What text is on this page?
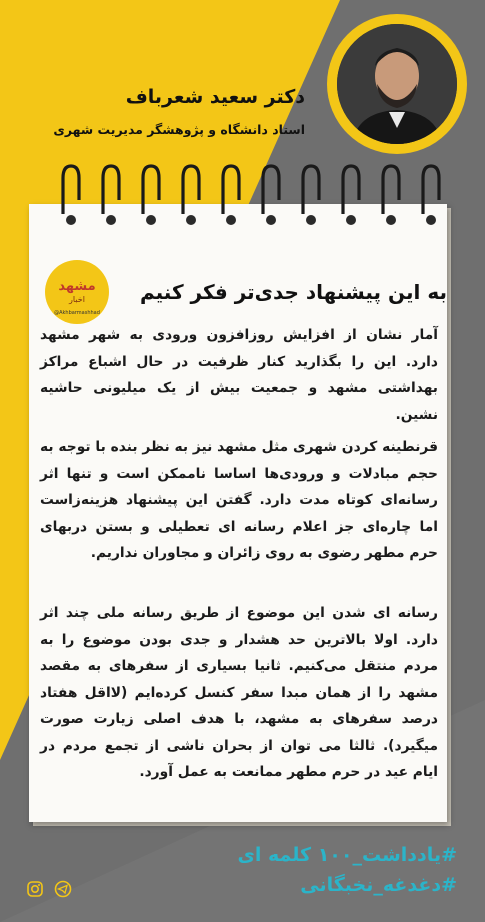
دکتر سعید شعرباف
استاد دانشگاه و پژوهشگر مدیریت شهری
مشهد
اخبار
@Akhbarmashhad
به این پیشنهاد جدی‌تر فکر کنیم
آمار نشان از افزایش روزافزون ورودی به شهر مشهد دارد. این را بگذارید کنار ظرفیت در حال اشباع مراکز بهداشتی مشهد و جمعیت بیش از یک میلیونی حاشیه نشین.
قرنطینه کردن شهری مثل مشهد نیز به نظر بنده با توجه به حجم مبادلات و ورودی‌ها اساسا ناممکن است و تنها اثر رسانه‌ای کوتاه مدت دارد. گفتن این پیشنهاد هزینه‌زاست اما چاره‌ای جز اعلام رسانه ای تعطیلی و بستن دربهای حرم مطهر رضوی به روی زائران و مجاوران نداریم.
رسانه ای شدن این موضوع از طریق رسانه ملی چند اثر دارد. اولا بالاترین حد هشدار و جدی بودن موضوع را به مردم منتقل می‌کنیم. ثانیا بسیاری از سفرهای به مقصد مشهد را از همان مبدا سفر کنسل کرده‌ایم (لااقل هفتاد درصد سفرهای به مشهد، با هدف اصلی زیارت صورت میگیرد). ثالثا می توان از بحران ناشی از تجمع مردم در ایام عید در حرم مطهر ممانعت به عمل آورد.
#یادداشت_۱۰۰ کلمه ای
#دغدغه_نخبگانی
